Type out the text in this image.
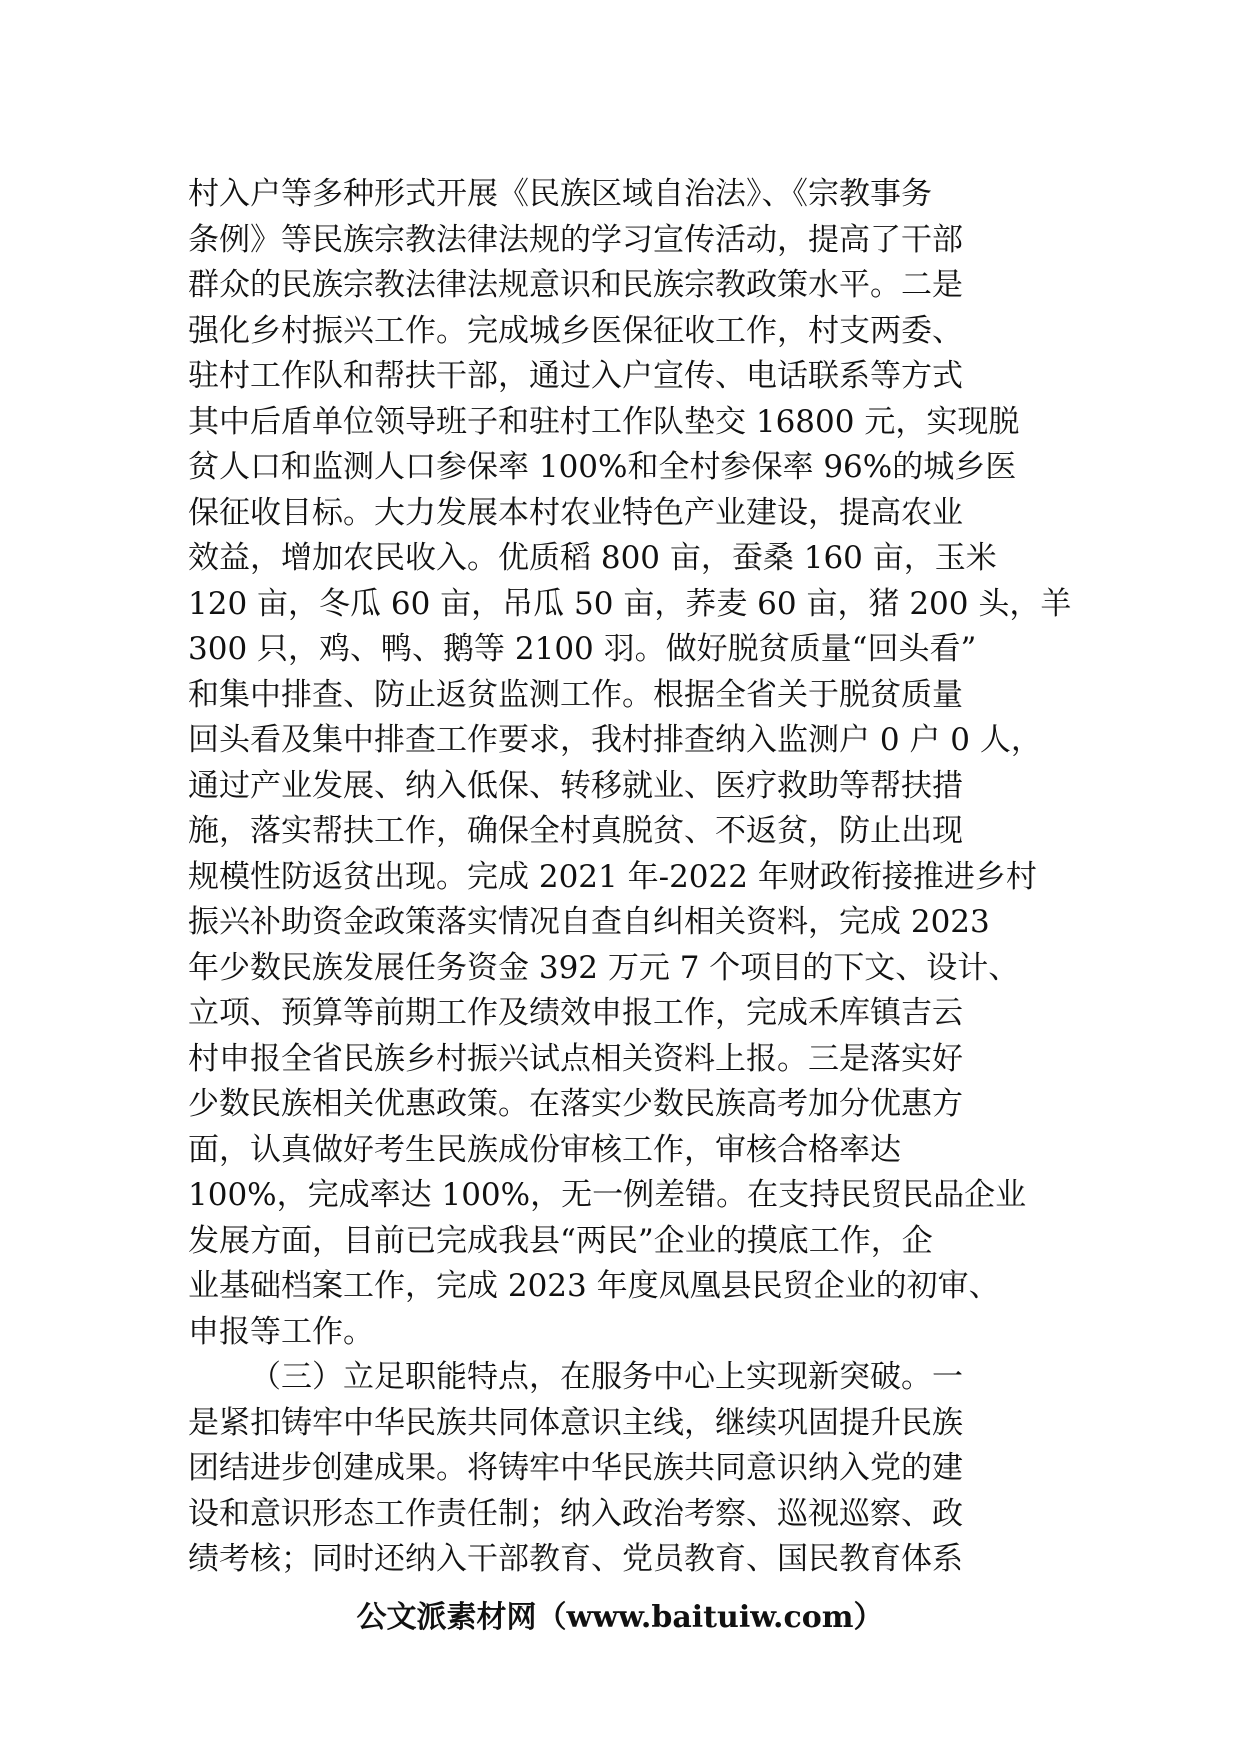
村入户等多种形式开展《民族区域自治法》、《宗教事务
条例》等民族宗教法律法规的学习宣传活动，提高了干部
群众的民族宗教法律法规意识和民族宗教政策水平。二是
强化乡村振兴工作。完成城乡医保征收工作，村支两委、
驻村工作队和帮扶干部，通过入户宣传、电话联系等方式
其中后盾单位领导班子和驻村工作队垫交 16800 元，实现脱
贫人口和监测人口参保率 100%和全村参保率 96%的城乡医
保征收目标。大力发展本村农业特色产业建设，提高农业
效益，增加农民收入。优质稻 800 亩，蚕桑 160 亩，玉米
120 亩，冬瓜 60 亩，吊瓜 50 亩，荞麦 60 亩，猪 200 头，羊
300 只，鸡、鸭、鹅等 2100 羽。做好脱贫质量“回头看”
和集中排查、防止返贫监测工作。根据全省关于脱贫质量
回头看及集中排查工作要求，我村排查纳入监测户 0 户 0 人，
通过产业发展、纳入低保、转移就业、医疗救助等帮扶措
施，落实帮扶工作，确保全村真脱贫、不返贫，防止出现
规模性防返贫出现。完成 2021 年-2022 年财政衔接推进乡村
振兴补助资金政策落实情况自查自纠相关资料，完成 2023
年少数民族发展任务资金 392 万元 7 个项目的下文、设计、
立项、预算等前期工作及绩效申报工作，完成禾库镇吉云
村申报全省民族乡村振兴试点相关资料上报。三是落实好
少数民族相关优惠政策。在落实少数民族高考加分优惠方
面，认真做好考生民族成份审核工作，审核合格率达
100%，完成率达 100%，无一例差错。在支持民贸民品企业
发展方面，目前已完成我县“两民”企业的摸底工作，企
业基础档案工作，完成 2023 年度凤凰县民贸企业的初审、
申报等工作。
（三）立足职能特点，在服务中心上实现新突破。一
是紧扣铸牢中华民族共同体意识主线，继续巩固提升民族
团结进步创建成果。将铸牢中华民族共同意识纳入党的建
设和意识形态工作责任制；纳入政治考察、巡视巡察、政
绩考核；同时还纳入干部教育、党员教育、国民教育体系
公文派素材网（www.baituiw.com）
